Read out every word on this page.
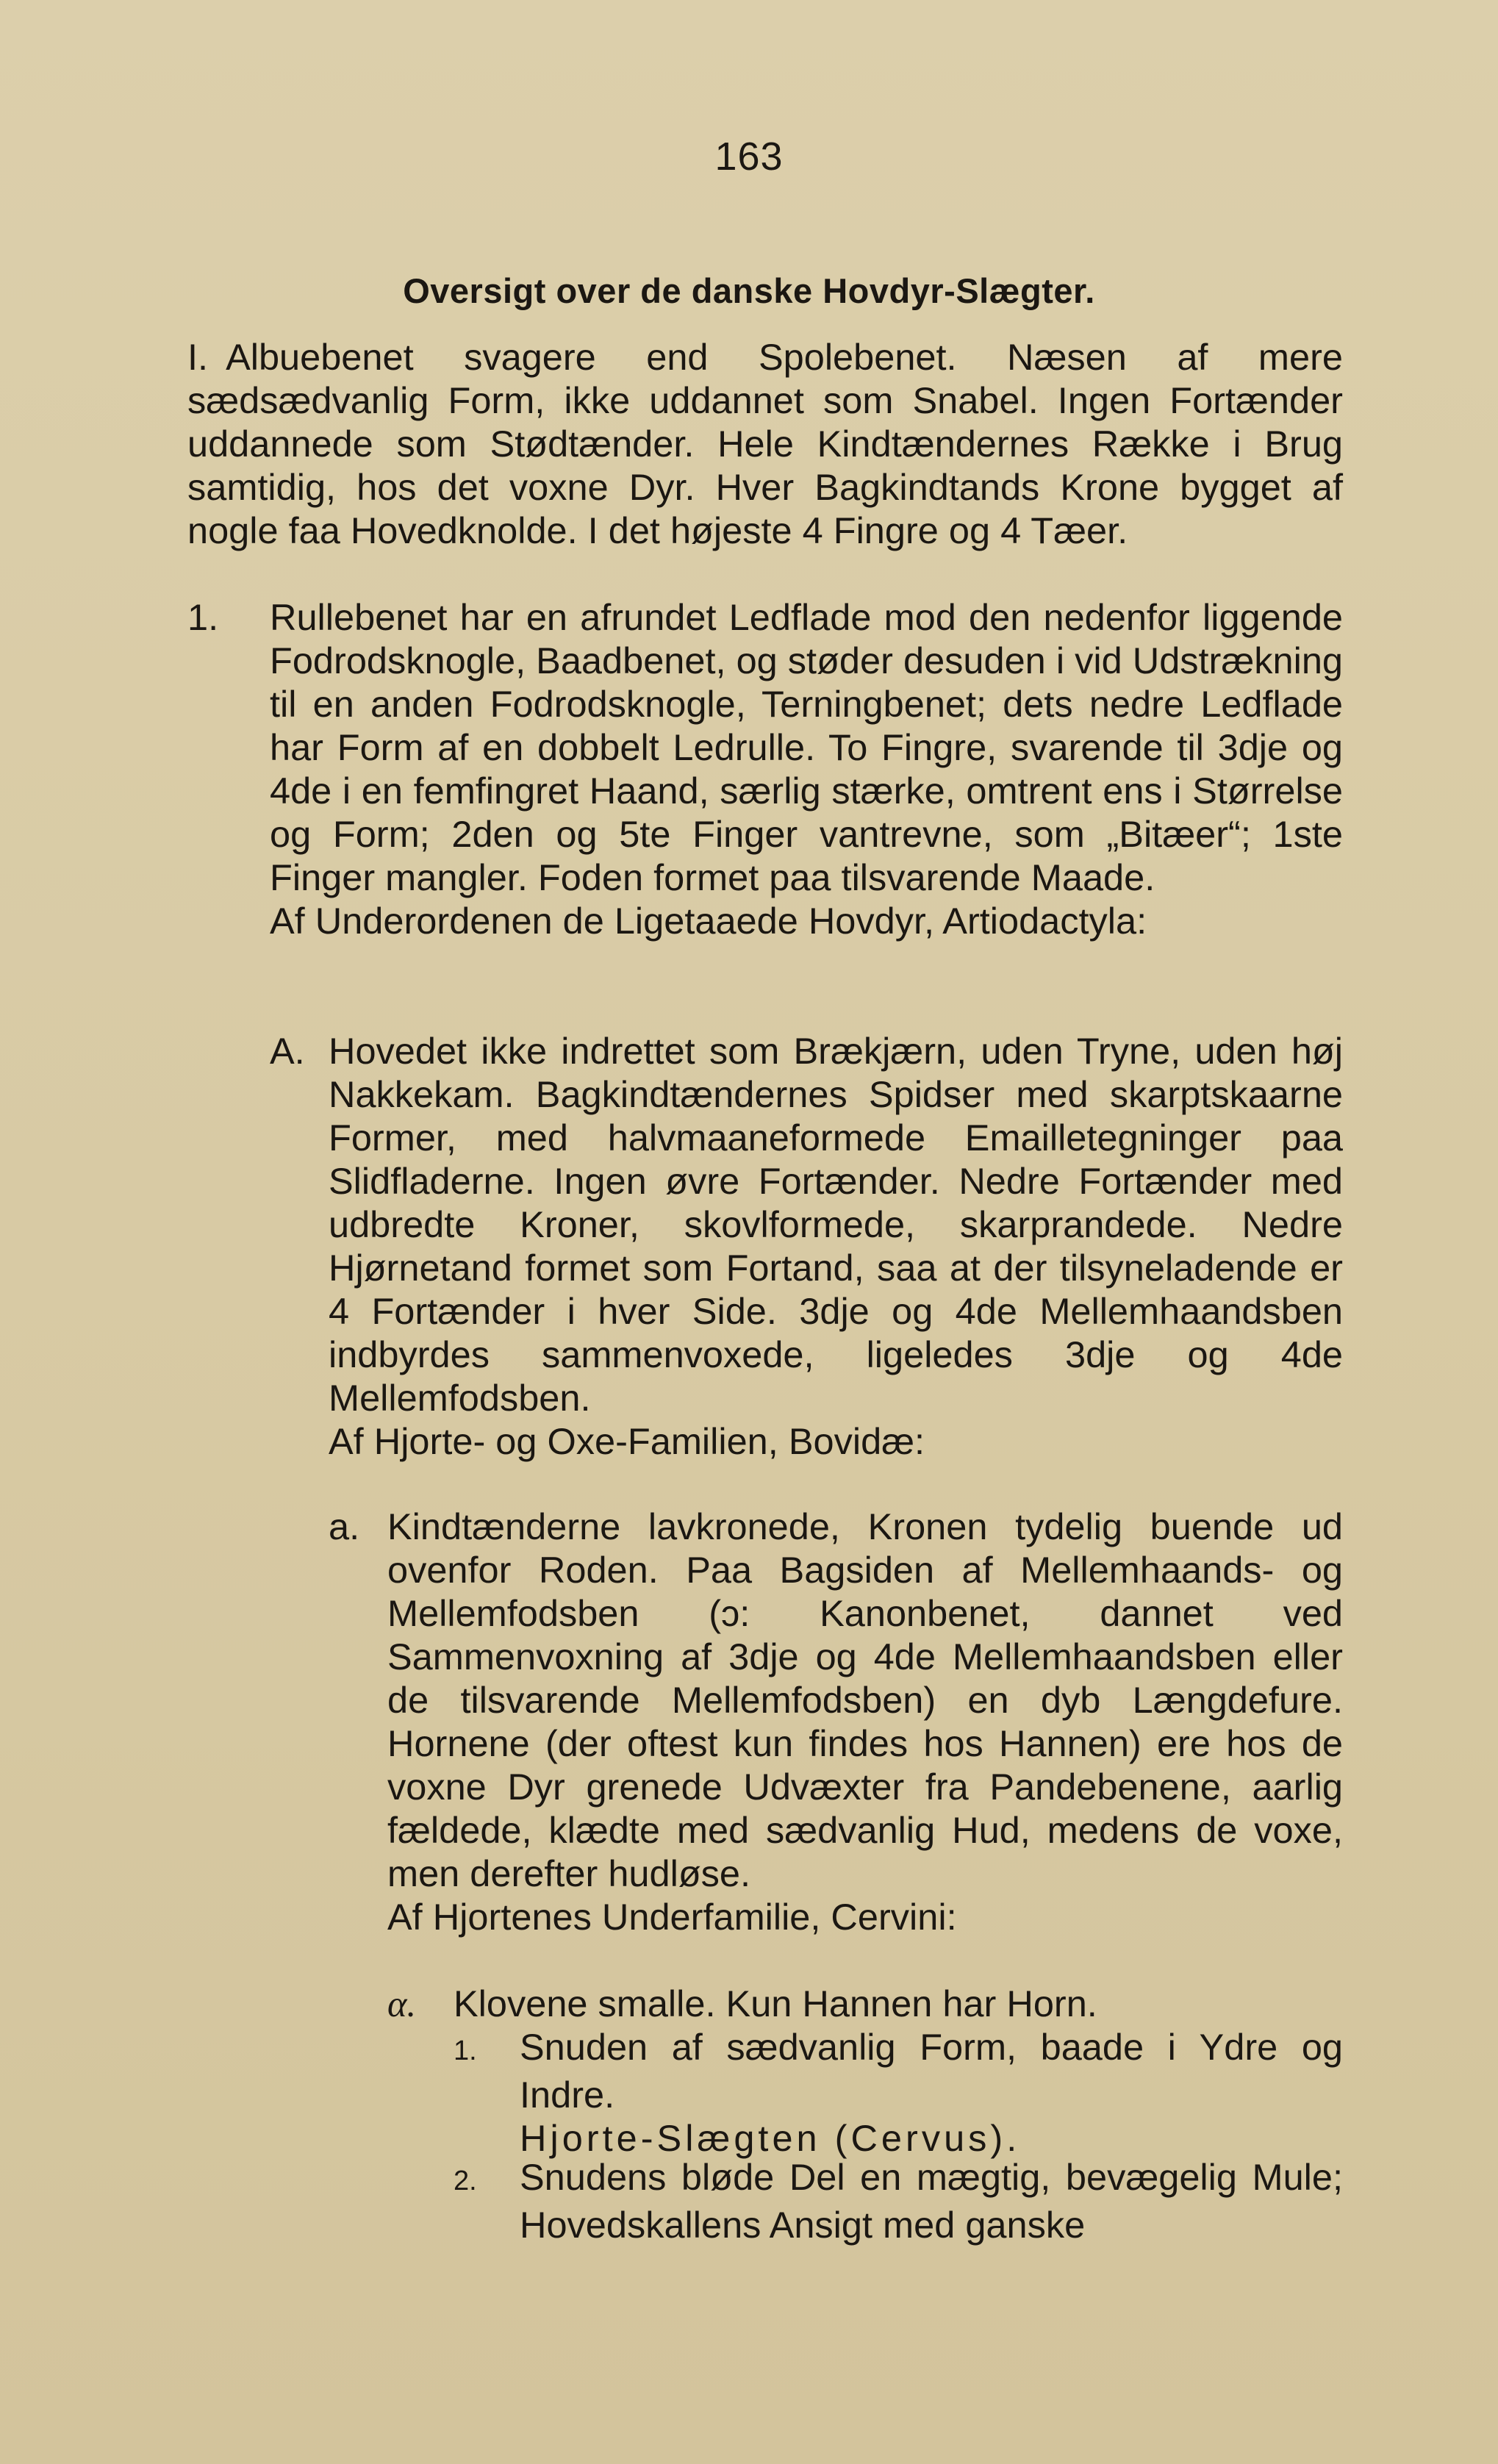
163
Oversigt over de danske Hovdyr-Slægter.

I. Albuebenet svagere end Spolebenet. Næsen af mere sædsædvanlig Form, ikke uddannet som Snabel. Ingen Fortænder uddannede som Stødtænder. Hele Kindtændernes Række i Brug samtidig, hos det voxne Dyr. Hver Bagkindtands Krone bygget af nogle faa Hovedknolde. I det højeste 4 Fingre og 4 Tæer.

1. Rullebenet har en afrundet Ledflade mod den nedenfor liggende Fodrodsknogle, Baadbenet, og støder desuden i vid Udstrækning til en anden Fodrodsknogle, Terningbenet; dets nedre Ledflade har Form af en dobbelt Ledrulle. To Fingre, svarende til 3dje og 4de i en femfingret Haand, særlig stærke, omtrent ens i Størrelse og Form; 2den og 5te Finger vantrevne, som „Bitæer“; 1ste Finger mangler. Foden formet paa tilsvarende Maade.

Af Underordenen de Ligetaaede Hovdyr, Artiodactyla:

A. Hovedet ikke indrettet som Brækjærn, uden Tryne, uden høj Nakkekam. Bagkindtændernes Spidser med skarptskaarne Former, med halvmaaneformede Emailletegninger paa Slidfladerne. Ingen øvre Fortænder. Nedre Fortænder med udbredte Kroner, skovlformede, skarprandede. Nedre Hjørnetand formet som Fortand, saa at der tilsyneladende er 4 Fortænder i hver Side. 3dje og 4de Mellemhaandsben indbyrdes sammenvoxede, ligeledes 3dje og 4de Mellemfodsben.

Af Hjorte- og Oxe-Familien, Bovidæ:

a. Kindtænderne lavkronede, Kronen tydelig buende ud ovenfor Roden. Paa Bagsiden af Mellemhaands- og Mellemfodsben (ɔ: Kanonbenet, dannet ved Sammenvoxning af 3dje og 4de Mellemhaandsben eller de tilsvarende Mellemfodsben) en dyb Længdefure. Hornene (der oftest kun findes hos Hannen) ere hos de voxne Dyr grenede Udvæxter fra Pandebenene, aarlig fældede, klædte med sædvanlig Hud, medens de voxe, men derefter hudløse.

Af Hjortenes Underfamilie, Cervini:

α. Klovene smalle. Kun Hannen har Horn.

1. Snuden af sædvanlig Form, baade i Ydre og Indre.

Hjorte-Slægten (Cervus).

2. Snudens bløde Del en mægtig, bevægelig Mule; Hovedskallens Ansigt med ganske
